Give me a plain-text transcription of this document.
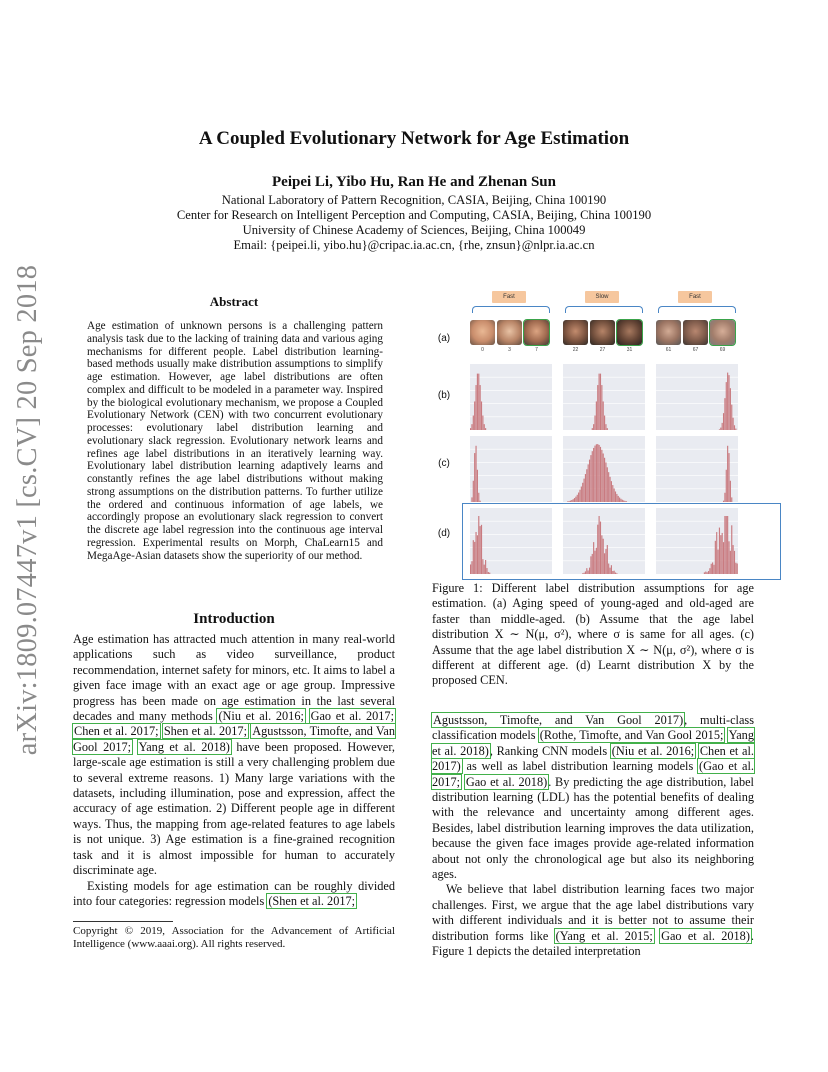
arXiv:1809.07447v1 [cs.CV] 20 Sep 2018
A Coupled Evolutionary Network for Age Estimation
Peipei Li, Yibo Hu, Ran He and Zhenan Sun
National Laboratory of Pattern Recognition, CASIA, Beijing, China 100190
Center for Research on Intelligent Perception and Computing, CASIA, Beijing, China 100190
University of Chinese Academy of Sciences, Beijing, China 100049
Email: {peipei.li, yibo.hu}@cripac.ia.ac.cn, {rhe, znsun}@nlpr.ia.ac.cn
Abstract
Age estimation of unknown persons is a challenging pattern analysis task due to the lacking of training data and various aging mechanisms for different people. Label distribution learning-based methods usually make distribution assumptions to simplify age estimation. However, age label distributions are often complex and difficult to be modeled in a parameter way. Inspired by the biological evolutionary mechanism, we propose a Coupled Evolutionary Network (CEN) with two concurrent evolutionary processes: evolutionary label distribution learning and evolutionary slack regression. Evolutionary network learns and refines age label distributions in an iteratively learning way. Evolutionary label distribution learning adaptively learns and constantly refines the age label distributions without making strong assumptions on the distribution patterns. To further utilize the ordered and continuous information of age labels, we accordingly propose an evolutionary slack regression to convert the discrete age label regression into the continuous age interval regression. Experimental results on Morph, ChaLearn15 and MegaAge-Asian datasets show the superiority of our method.
Introduction
Age estimation has attracted much attention in many real-world applications such as video surveillance, product recommendation, internet safety for minors, etc. It aims to label a given face image with an exact age or age group. Impressive progress has been made on age estimation in the last several decades and many methods (Niu et al. 2016; Gao et al. 2017; Chen et al. 2017; Shen et al. 2017; Agustsson, Timofte, and Van Gool 2017; Yang et al. 2018) have been proposed. However, large-scale age estimation is still a very challenging problem due to several extreme reasons. 1) Many large variations with the datasets, including illumination, pose and expression, affect the accuracy of age estimation. 2) Different people age in different ways. Thus, the mapping from age-related features to age labels is not unique. 3) Age estimation is a fine-grained recognition task and it is almost impossible for human to accurately discriminate age.
Existing models for age estimation can be roughly divided into four categories: regression models (Shen et al. 2017;
Copyright © 2019, Association for the Advancement of Artificial Intelligence (www.aaai.org). All rights reserved.
(a)
(b)
(c)
(d)
Fast	Slow	Fast
0	3	7	22	27	31	61	67	69
Figure 1: Different label distribution assumptions for age estimation. (a) Aging speed of young-aged and old-aged are faster than middle-aged. (b) Assume that the age label distribution X ∼ N(μ, σ²), where σ is same for all ages. (c) Assume that the age label distribution X ∼ N(μ, σ²), where σ is different at different age. (d) Learnt distribution X by the proposed CEN.
Agustsson, Timofte, and Van Gool 2017), multi-class classification models (Rothe, Timofte, and Van Gool 2015; Yang et al. 2018), Ranking CNN models (Niu et al. 2016; Chen et al. 2017) as well as label distribution learning models (Gao et al. 2017; Gao et al. 2018). By predicting the age distribution, label distribution learning (LDL) has the potential benefits of dealing with the relevance and uncertainty among different ages. Besides, label distribution learning improves the data utilization, because the given face images provide age-related information about not only the chronological age but also its neighboring ages.
We believe that label distribution learning faces two major challenges. First, we argue that the age label distributions vary with different individuals and it is better not to assume their distribution forms like (Yang et al. 2015; Gao et al. 2018). Figure 1 depicts the detailed interpretation
